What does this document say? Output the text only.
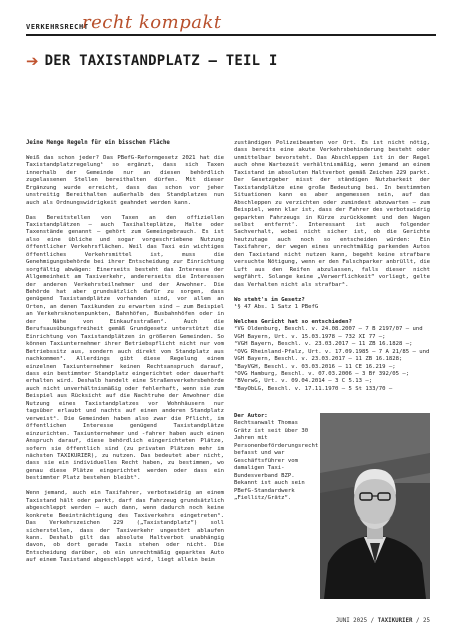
VERKEHRSRECHT
recht kompakt
➔ DER TAXISTANDPLATZ – TEIL I

Jeine Menge Regeln für ein bisschen Fläche

Weiß das schon jeder? Das PBefG-Reformgesetz 2021 hat die Taxistandplatzregelung¹ so ergänzt, dass sich Taxen innerhalb der Gemeinde nur an diesen behördlich zugelassenen Stellen bereithalten dürfen. Mit dieser Ergänzung wurde erreicht, dass das schon vor jeher unstreitig Bereithalten außerhalb des Standplatzes nun auch als Ordnungswidrigkeit geahndet werden kann.

Das Bereitstellen von Taxen an den offiziellen Taxistandplätzen – auch Taxihalteplätze, Halte oder Taxenstände genannt – gehört zum Gemeingebrauch. Es ist also eine übliche und sogar vorgeschriebene Nutzung öffentlicher Verkehrsflächen. Weil das Taxi ein wichtiges öffentliches Verkehrsmittel ist, muss die Genehmigungsbehörde bei ihrer Entscheidung zur Einrichtung sorgfältig abwägen: Einerseits besteht das Interesse der Allgemeinheit am Taxiverkehr, andererseits die Interessen der anderen Verkehrsteilnehmer und der Anwohner. Die Behörde hat aber grundsätzlich dafür zu sorgen, dass genügend Taxistandplätze vorhanden sind, vor allem an Orten, an denen Taxikunden zu erwarten sind – zum Beispiel an Verkehrsknotenpunkten, Bahnhöfen, Busbahnhöfen oder in der Nähe von Einkaufsstraßen². Auch die Berufsausübungsfreiheit gemäß Grundgesetz unterstützt die Einrichtung von Taxistandplätzen in größeren Gemeinden. So können Taxiunternehmer ihrer Betriebspflicht nicht nur vom Betriebssitz aus, sondern auch direkt vom Standplatz aus nachkommen³. Allerdings gibt diese Regelung einem einzelnen Taxiunternehmer keinen Rechtsanspruch darauf, dass ein bestimmter Standplatz eingerichtet oder dauerhaft erhalten wird. Deshalb handelt eine Straßenverkehrsbehörde auch nicht unverhältnismäßig oder fehlerhaft, wenn sie zum Beispiel aus Rücksicht auf die Nachtruhe der Anwohner die Nutzung eines Taxistandplatzes vor Wohnhäusern nur tagsüber erlaubt und nachts auf einen anderen Standplatz verweist⁴. Die Gemeinden haben also zwar die Pflicht, im öffentlichen Interesse genügend Taxistandplätze einzurichten. Taxiunternehmer und -fahrer haben auch einen Anspruch darauf, diese behördlich eingerichteten Plätze, sofern sie öffentlich sind (zu privaten Plätzen mehr im nächsten TAXIKURIER), zu nutzen. Das bedeutet aber nicht, dass sie ein individuelles Recht haben, zu bestimmen, wo genau diese Plätze eingerichtet werden oder dass ein bestimmter Platz bestehen bleibt⁵.

Wenn jemand, auch ein Taxifahrer, verbotswidrig an einem Taxistand hält oder parkt, darf das Fahrzeug grundsätzlich abgeschleppt werden – auch dann, wenn dadurch noch keine konkrete Beeinträchtigung des Taxiverkehrs eingetreten⁶. Das Verkehrszeichen 229 („Taxistandplatz“) soll sicherstellen, dass der Taxiverkehr ungestört ablaufen kann. Deshalb gilt das absolute Haltverbot unabhängig davon, ob dort gerade Taxis stehen oder nicht. Die Entscheidung darüber, ob ein unrechtmäßig geparktes Auto auf einem Taxistand abgeschleppt wird, liegt allein beim

zuständigen Polizeibeamten vor Ort. Es ist nicht nötig, dass bereits eine akute Verkehrsbehinderung besteht oder unmittelbar bevorsteht. Das Abschleppen ist in der Regel auch ohne Wartezeit verhältnismäßig, wenn jemand an einem Taxistand im absoluten Haltverbot gemäß Zeichen 229 parkt. Der Gesetzgeber misst der ständigen Nutzbarkeit der Taxistandplätze eine große Bedeutung bei. In bestimmten Situationen kann es aber angemessen sein, auf das Abschleppen zu verzichten oder zumindest abzuwarten – zum Beispiel, wenn klar ist, dass der Fahrer des verbotswidrig geparkten Fahrzeugs in Kürze zurückkommt und den Wagen selbst entfernt⁷. Interessant ist auch folgender Sachverhalt, wobei nicht sicher ist, ob die Gerichte heutzutage auch noch so entscheiden würden: Ein Taxifahrer, der wegen eines unrechtmäßig parkenden Autos den Taxistand nicht nutzen kann, begeht keine strafbare versuchte Nötigung, wenn er den Falschparker anbrüllt, die Luft aus den Reifen abzulassen, falls dieser nicht wegfährt. Solange keine „Verwerflichkeit“ vorliegt, gelte das Verhalten nicht als strafbar⁸.

Wo steht's im Gesetz?

¹§ 47 Abs. 1 Satz 1 PBefG

Welches Gericht hat so entschieden?

²VG Oldenburg, Beschl. v. 24.08.2007 – 7 B 2197/07 — und VGH Bayern, Urt. v. 15.03.1978 – 732 XI 77 —;

³VGH Bayern, Beschl. v. 23.03.2017 – 11 ZB 16.1828 —;

⁴OVG Rheinland-Pfalz, Urt. v. 17.09.1985 – 7 A 21/85 — und VGH Bayern, Beschl. v. 23.03.2017 – 11 ZB 16.1828;

⁵BayVGH, Beschl. v. 03.03.2016 – 11 CE 16.219 —;

⁶OVG Hamburg, Beschl. v. 07.03.2006 – 3 Bf 392/05 —;

⁷BVerwG, Urt. v. 09.04.2014 – 3 C 5.13 —;

⁸BayObLG, Beschl. v. 17.11.1970 – 5 St 133/70 —

Der Autor:

Rechtsanwalt Thomas Grätz ist seit über 30 Jahren mit Personenbeförderungsrecht befasst und war Geschäftsführer vom damaligen Taxi-Bundesverband BZP. Bekannt ist auch sein PBefG-Standardwerk „Fiellitz/Grätz“.

JUNI 2025 / TAXIKURIER / 25
